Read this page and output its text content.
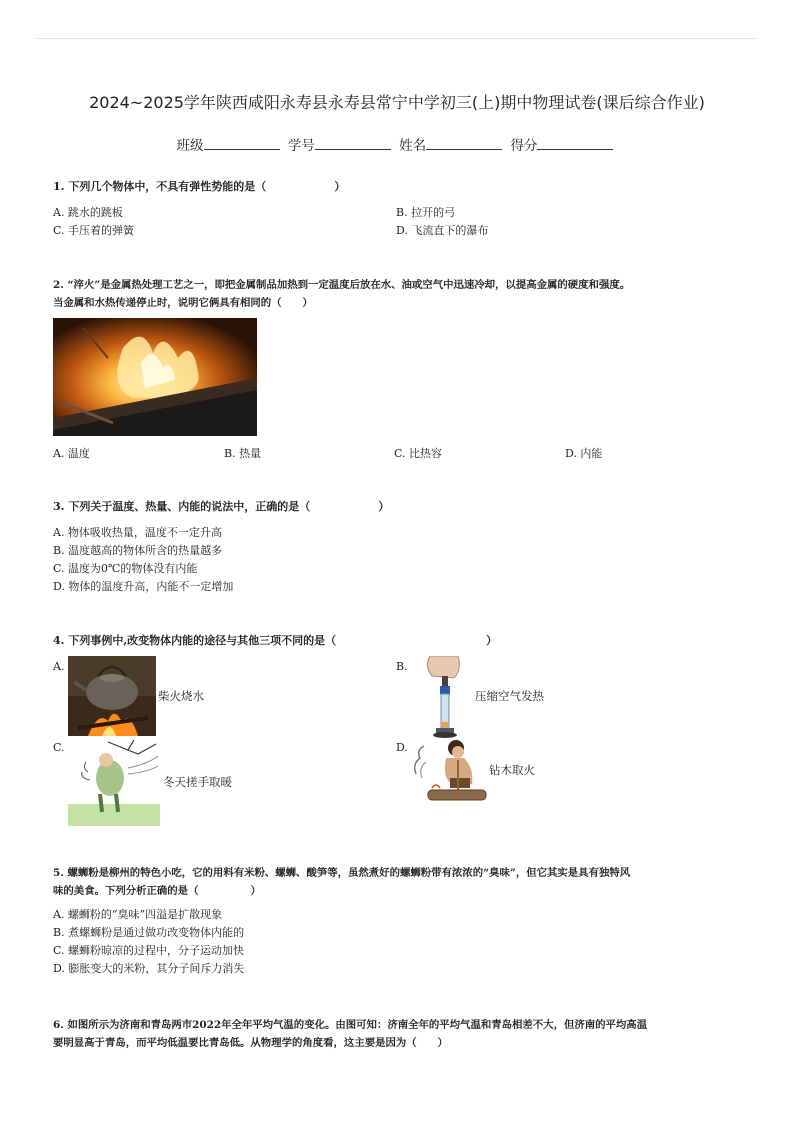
2024~2025学年陕西咸阳永寿县永寿县常宁中学初三(上)期中物理试卷(课后综合作业)
班级	学号	姓名	得分
1. 下列几个物体中，不具有弹性势能的是（	）
A. 跳水的跳板	B. 拉开的弓
C. 手压着的弹簧	D. 飞流直下的瀑布
2. “淬火”是金属热处理工艺之一，即把金属制品加热到一定温度后放在水、油或空气中迅速冷却，以提高金属的硬度和强度。
当金属和水热传递停止时，说明它俩具有相同的（　　）
A. 温度	B. 热量	C. 比热容	D. 内能
3. 下列关于温度、热量、内能的说法中，正确的是（	）
A. 物体吸收热量，温度不一定升高
B. 温度越高的物体所含的热量越多
C. 温度为0℃的物体没有内能
D. 物体的温度升高，内能不一定增加
4. 下列事例中,改变物体内能的途径与其他三项不同的是（	）
A.
柴火烧水
B.
压缩空气发热
C.
冬天搓手取暖
D.
钻木取火
5. 螺蛳粉是柳州的特色小吃，它的用料有米粉、螺蛳、酸笋等，虽然煮好的螺蛳粉带有浓浓的“臭味”，但它其实是具有独特风
味的美食。下列分析正确的是（	）
A. 螺蛳粉的“臭味”四溢是扩散现象
B. 煮螺蛳粉是通过做功改变物体内能的
C. 螺蛳粉晾凉的过程中，分子运动加快
D. 膨胀变大的米粉，其分子间斥力消失
6. 如图所示为济南和青岛两市2022年全年平均气温的变化。由图可知：济南全年的平均气温和青岛相差不大，但济南的平均高温
要明显高于青岛，而平均低温要比青岛低。从物理学的角度看，这主要是因为（　　）
